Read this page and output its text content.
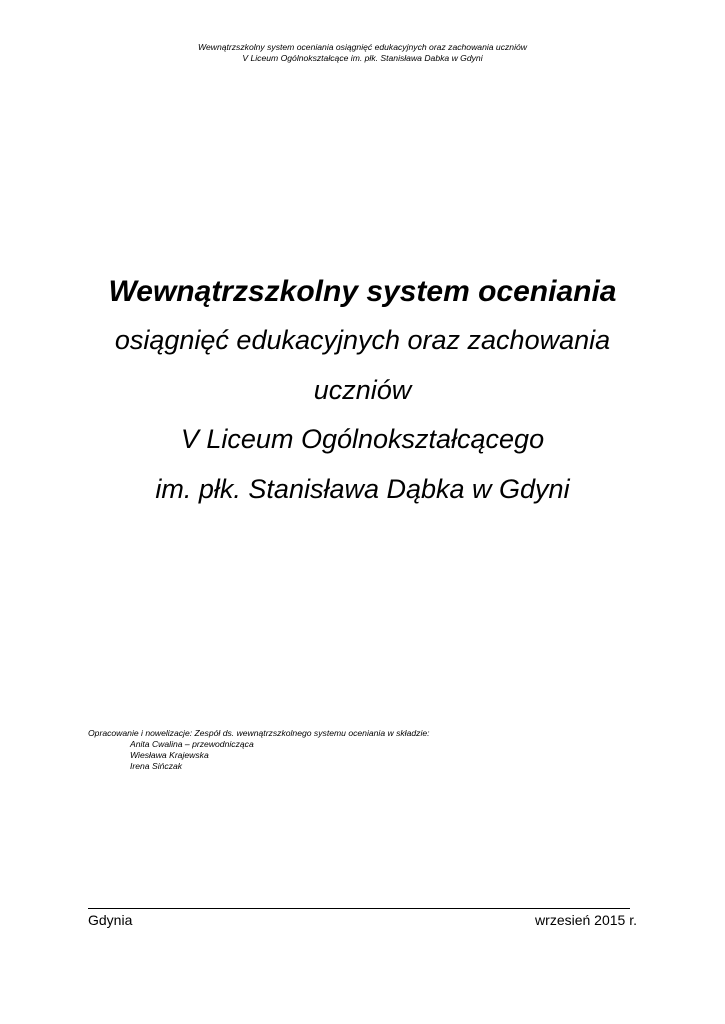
Wewnątrzszkolny system oceniania osiągnięć edukacyjnych oraz zachowania uczniów
V Liceum Ogólnokształcące im. płk. Stanisława Dabka w Gdyni
Wewnątrzszkolny system oceniania
osiągnięć edukacyjnych oraz zachowania
uczniów
V Liceum Ogólnokształcącego
im. płk. Stanisława Dąbka w Gdyni
Opracowanie i nowelizacje: Zespół ds. wewnątrzszkolnego systemu oceniania w składzie:
Anita Cwalina – przewodnicząca
Wiesława Krajewska
Irena Sińczak
Gdynia	wrzesień 2015 r.
